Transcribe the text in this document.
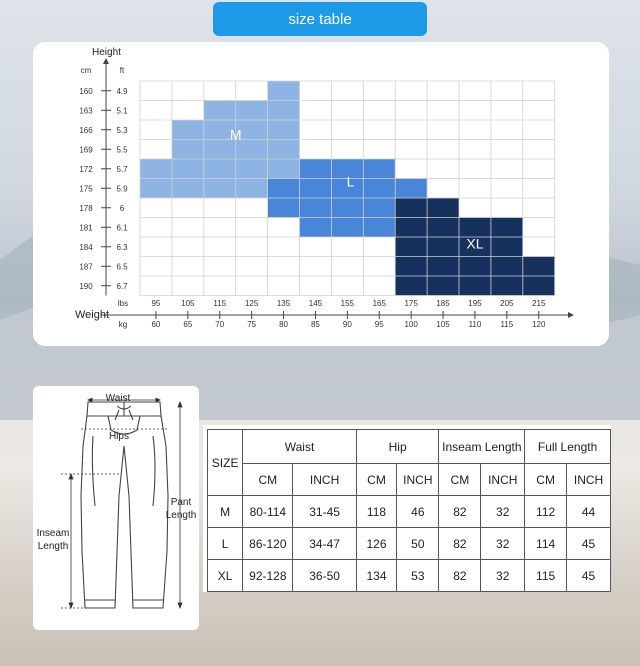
size table
M
L
XL
Height
cm	ft
160	4.9
163	5.1
166	5.3
169	5.5
172	5.7
175	5.9
178	6
181	6.1
184	6.3
187	6.5
190	6.7
Weight
lbs
kg
95
60
105
65
115
70
125
75
135
80
145
85
155
90
165
95
175
100
185
105
195
110
205
115
215
120
Waist
Hips
Inseam
Length
Pant
Length
SIZE	Waist		Hip		Inseam Length		Full Length	
	CM	INCH	CM	INCH	CM	INCH	CM	INCH
M	80-114	31-45	118	46	82	32	112	44
L	86-120	34-47	126	50	82	32	114	45
XL	92-128	36-50	134	53	82	32	115	45
